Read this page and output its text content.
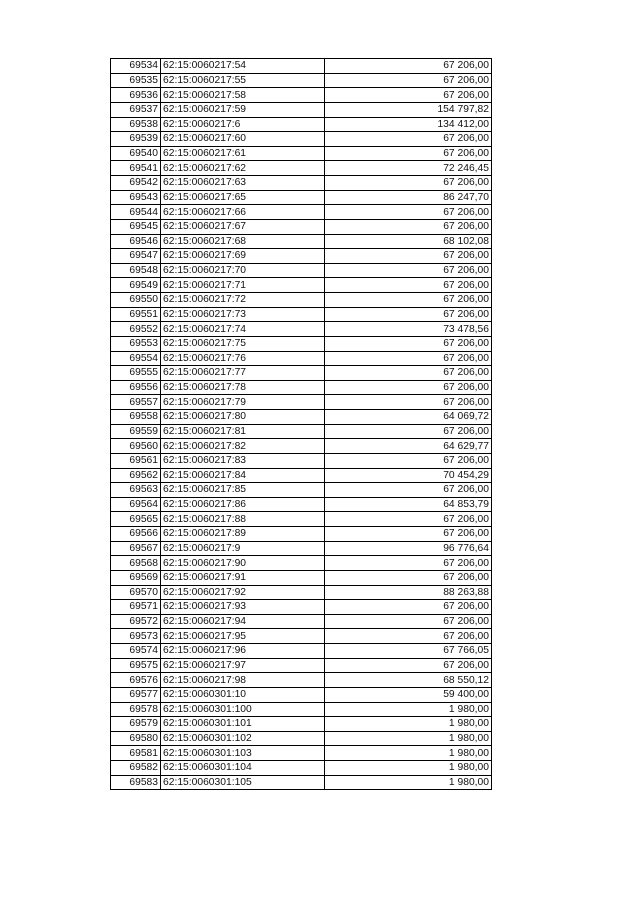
69534	62:15:0060217:54	67 206,00
69535	62:15:0060217:55	67 206,00
69536	62:15:0060217:58	67 206,00
69537	62:15:0060217:59	154 797,82
69538	62:15:0060217:6	134 412,00
69539	62:15:0060217:60	67 206,00
69540	62:15:0060217:61	67 206,00
69541	62:15:0060217:62	72 246,45
69542	62:15:0060217:63	67 206,00
69543	62:15:0060217:65	86 247,70
69544	62:15:0060217:66	67 206,00
69545	62:15:0060217:67	67 206,00
69546	62:15:0060217:68	68 102,08
69547	62:15:0060217:69	67 206,00
69548	62:15:0060217:70	67 206,00
69549	62:15:0060217:71	67 206,00
69550	62:15:0060217:72	67 206,00
69551	62:15:0060217:73	67 206,00
69552	62:15:0060217:74	73 478,56
69553	62:15:0060217:75	67 206,00
69554	62:15:0060217:76	67 206,00
69555	62:15:0060217:77	67 206,00
69556	62:15:0060217:78	67 206,00
69557	62:15:0060217:79	67 206,00
69558	62:15:0060217:80	64 069,72
69559	62:15:0060217:81	67 206,00
69560	62:15:0060217:82	64 629,77
69561	62:15:0060217:83	67 206,00
69562	62:15:0060217:84	70 454,29
69563	62:15:0060217:85	67 206,00
69564	62:15:0060217:86	64 853,79
69565	62:15:0060217:88	67 206,00
69566	62:15:0060217:89	67 206,00
69567	62:15:0060217:9	96 776,64
69568	62:15:0060217:90	67 206,00
69569	62:15:0060217:91	67 206,00
69570	62:15:0060217:92	88 263,88
69571	62:15:0060217:93	67 206,00
69572	62:15:0060217:94	67 206,00
69573	62:15:0060217:95	67 206,00
69574	62:15:0060217:96	67 766,05
69575	62:15:0060217:97	67 206,00
69576	62:15:0060217:98	68 550,12
69577	62:15:0060301:10	59 400,00
69578	62:15:0060301:100	1 980,00
69579	62:15:0060301:101	1 980,00
69580	62:15:0060301:102	1 980,00
69581	62:15:0060301:103	1 980,00
69582	62:15:0060301:104	1 980,00
69583	62:15:0060301:105	1 980,00
